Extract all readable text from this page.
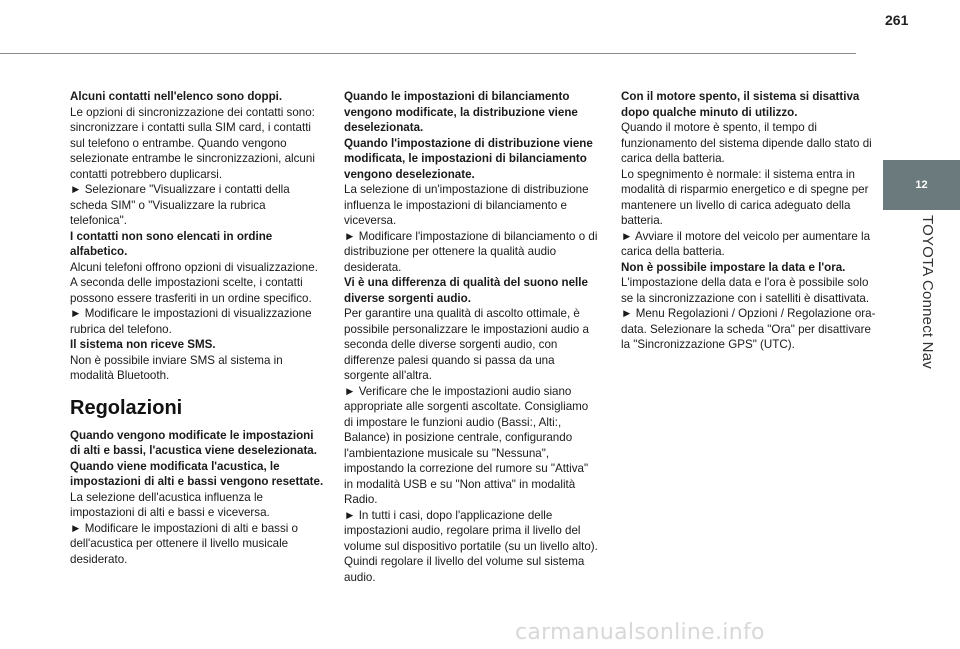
261
12
TOYOTA Connect Nav

Alcuni contatti nell'elenco sono doppi.

Le opzioni di sincronizzazione dei contatti sono: sincronizzare i contatti sulla SIM card, i contatti sul telefono o entrambe. Quando vengono selezionate entrambe le sincronizzazioni, alcuni contatti potrebbero duplicarsi.

► Selezionare "Visualizzare i contatti della scheda SIM" o "Visualizzare la rubrica telefonica".

I contatti non sono elencati in ordine alfabetico.

Alcuni telefoni offrono opzioni di visualizzazione. A seconda delle impostazioni scelte, i contatti possono essere trasferiti in un ordine specifico.

► Modificare le impostazioni di visualizzazione rubrica del telefono.

Il sistema non riceve SMS.

Non è possibile inviare SMS al sistema in modalità Bluetooth.

Regolazioni

Quando vengono modificate le impostazioni di alti e bassi, l'acustica viene deselezionata.

Quando viene modificata l'acustica, le impostazioni di alti e bassi vengono resettate.

La selezione dell'acustica influenza le impostazioni di alti e bassi e viceversa.

► Modificare le impostazioni di alti e bassi o dell'acustica per ottenere il livello musicale desiderato.

Quando le impostazioni di bilanciamento vengono modificate, la distribuzione viene deselezionata.

Quando l'impostazione di distribuzione viene modificata, le impostazioni di bilanciamento vengono deselezionate.

La selezione di un'impostazione di distribuzione influenza le impostazioni di bilanciamento e viceversa.

► Modificare l'impostazione di bilanciamento o di distribuzione per ottenere la qualità audio desiderata.

Vi è una differenza di qualità del suono nelle diverse sorgenti audio.

Per garantire una qualità di ascolto ottimale, è possibile personalizzare le impostazioni audio a seconda delle diverse sorgenti audio, con differenze palesi quando si passa da una sorgente all'altra.

► Verificare che le impostazioni audio siano appropriate alle sorgenti ascoltate. Consigliamo di impostare le funzioni audio (Bassi:, Alti:, Balance) in posizione centrale, configurando l'ambientazione musicale su "Nessuna", impostando la correzione del rumore su "Attiva" in modalità USB e su "Non attiva" in modalità Radio.

► In tutti i casi, dopo l'applicazione delle impostazioni audio, regolare prima il livello del volume sul dispositivo portatile (su un livello alto). Quindi regolare il livello del volume sul sistema audio.

Con il motore spento, il sistema si disattiva dopo qualche minuto di utilizzo.

Quando il motore è spento, il tempo di funzionamento del sistema dipende dallo stato di carica della batteria.

Lo spegnimento è normale: il sistema entra in modalità di risparmio energetico e di spegne per mantenere un livello di carica adeguato della batteria.

► Avviare il motore del veicolo per aumentare la carica della batteria.

Non è possibile impostare la data e l'ora.

L'impostazione della data e l'ora è possibile solo se la sincronizzazione con i satelliti è disattivata.

► Menu Regolazioni / Opzioni / Regolazione ora-data. Selezionare la scheda "Ora" per disattivare la "Sincronizzazione GPS" (UTC).

carmanualsonline.info
